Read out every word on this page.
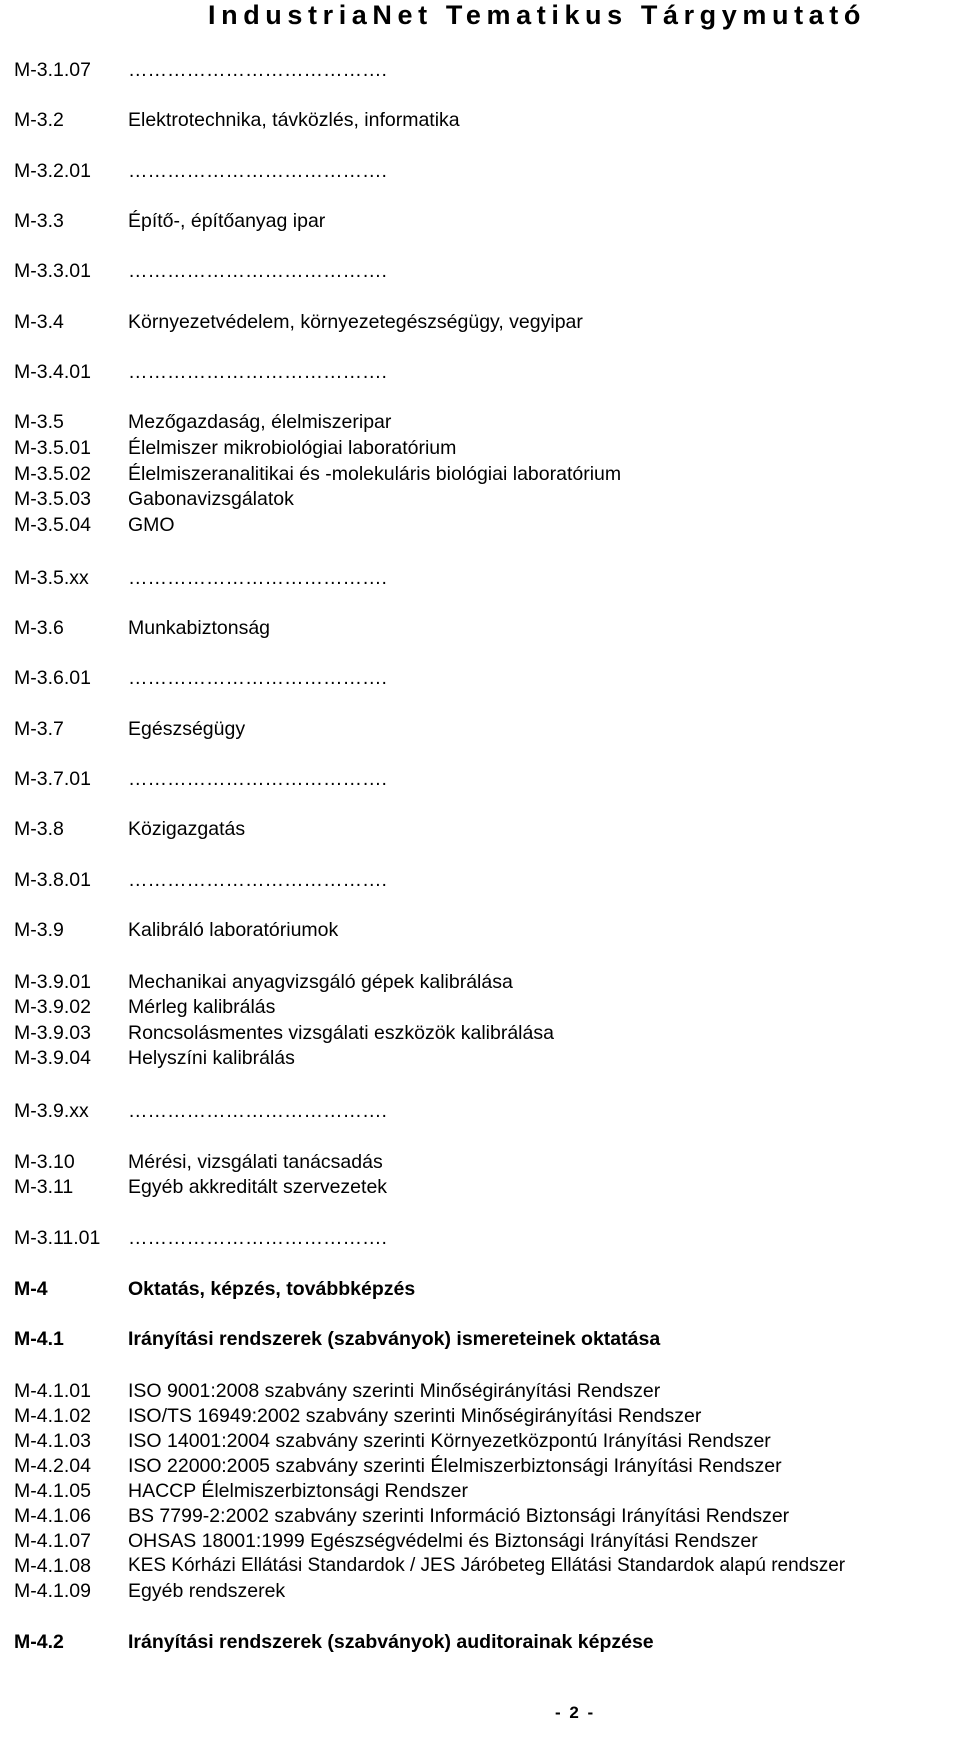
IndustriaNet Tematikus Tárgymutató
M-3.1.07 ………………………………….
M-3.2	Elektrotechnika, távközlés, informatika
M-3.2.01 ………………………………….
M-3.3	Építő-, építőanyag ipar
M-3.3.01 ………………………………….
M-3.4	Környezetvédelem, környezetegészségügy, vegyipar
M-3.4.01 ………………………………….
M-3.5	Mezőgazdaság, élelmiszeripar
M-3.5.01 Élelmiszer mikrobiológiai laboratórium
M-3.5.02 Élelmiszeranalitikai és -molekuláris biológiai laboratórium
M-3.5.03 Gabonavizsgálatok
M-3.5.04 GMO
M-3.5.xx ………………………………….
M-3.6	Munkabiztonság
M-3.6.01 ………………………………….
M-3.7	Egészségügy
M-3.7.01 ………………………………….
M-3.8	Közigazgatás
M-3.8.01 ………………………………….
M-3.9	Kalibráló laboratóriumok
M-3.9.01 Mechanikai anyagvizsgáló gépek kalibrálása
M-3.9.02 Mérleg kalibrálás
M-3.9.03 Roncsolásmentes vizsgálati eszközök kalibrálása
M-3.9.04 Helyszíni kalibrálás
M-3.9.xx ………………………………….
M-3.10	Mérési, vizsgálati tanácsadás
M-3.11	Egyéb akkreditált szervezetek
M-3.11.01 ………………………………….
M-4	Oktatás, képzés, továbbképzés
M-4.1	Irányítási rendszerek (szabványok) ismereteinek oktatása
M-4.1.01 ISO 9001:2008 szabvány szerinti Minőségirányítási Rendszer
M-4.1.02 ISO/TS 16949:2002 szabvány szerinti Minőségirányítási Rendszer
M-4.1.03 ISO 14001:2004 szabvány szerinti Környezetközpontú Irányítási Rendszer
M-4.2.04 ISO 22000:2005 szabvány szerinti Élelmiszerbiztonsági Irányítási Rendszer
M-4.1.05 HACCP Élelmiszerbiztonsági Rendszer
M-4.1.06 BS 7799-2:2002 szabvány szerinti Információ Biztonsági Irányítási Rendszer
M-4.1.07 OHSAS 18001:1999 Egészségvédelmi és Biztonsági Irányítási Rendszer
M-4.1.08 KES Kórházi Ellátási Standardok / JES Járóbeteg Ellátási Standardok alapú rendszer
M-4.1.09 Egyéb rendszerek
M-4.2	Irányítási rendszerek (szabványok) auditorainak képzése
- 2 -
